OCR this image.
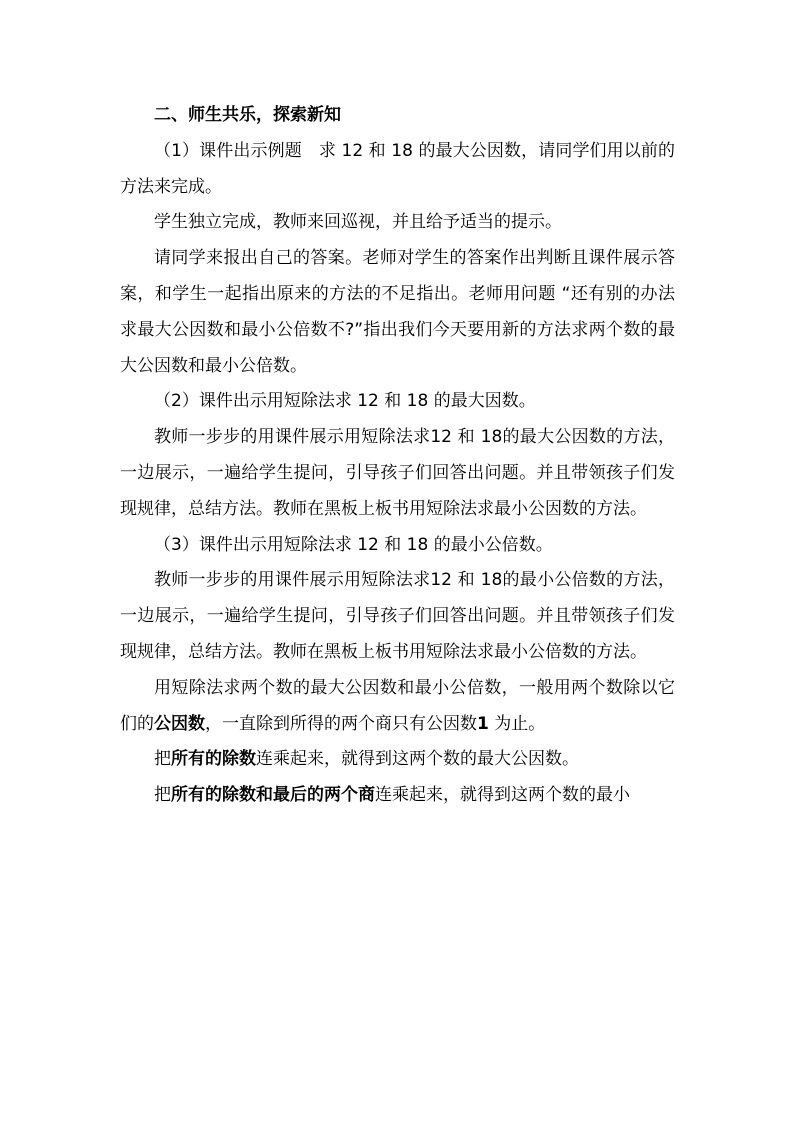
二、师生共乐，探索新知

（1）课件出示例题　求 12 和 18 的最大公因数，请同学们用以前的方法来完成。

学生独立完成，教师来回巡视，并且给予适当的提示。

请同学来报出自己的答案。老师对学生的答案作出判断且课件展示答案，和学生一起指出原来的方法的不足指出。老师用问题 “还有别的办法求最大公因数和最小公倍数不?”指出我们今天要用新的方法求两个数的最大公因数和最小公倍数。

（2）课件出示用短除法求 12 和 18 的最大因数。

教师一步步的用课件展示用短除法求12 和 18的最大公因数的方法，一边展示，一遍给学生提问，引导孩子们回答出问题。并且带领孩子们发现规律，总结方法。教师在黑板上板书用短除法求最小公因数的方法。

（3）课件出示用短除法求 12 和 18 的最小公倍数。

教师一步步的用课件展示用短除法求12 和 18的最小公倍数的方法，一边展示，一遍给学生提问，引导孩子们回答出问题。并且带领孩子们发现规律，总结方法。教师在黑板上板书用短除法求最小公倍数的方法。

用短除法求两个数的最大公因数和最小公倍数，一般用两个数除以它们的公因数，一直除到所得的两个商只有公因数1 为止。

把所有的除数连乘起来，就得到这两个数的最大公因数。

把所有的除数和最后的两个商连乘起来，就得到这两个数的最小
